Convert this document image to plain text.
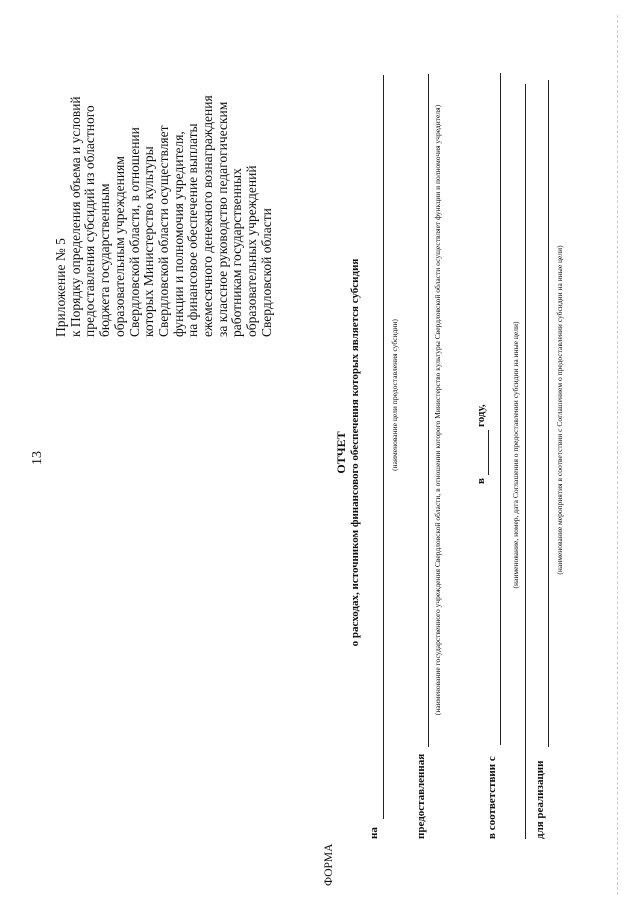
13
Приложение № 5 к Порядку определения объема и условий предоставления субсидий из областного бюджета государственным образовательным учреждениям Свердловской области, в отношении которых Министерство культуры Свердловской области осуществляет функции и полномочия учредителя, на финансовое обеспечение выплаты ежемесячного денежного вознаграждения за классное руководство педагогическим работникам государственных образовательных учреждений Свердловской области
ФОРМА
ОТЧЕТ о расходах, источником финансового обеспечения которых является субсидия
на
(наименование цели предоставления субсидии)
предоставленная
(наименование государственного учреждения Свердловской области, в отношении которого Министерство культуры Свердловской области осуществляет функции и полномочия учредителя)	в
году,
в соответствии с
(наименование, номер, дата Соглашения о предоставлении субсидии на иные цели)
для реализации
(наименование мероприятия в соответствии с Соглашением о предоставлении субсидии на иные цели)
